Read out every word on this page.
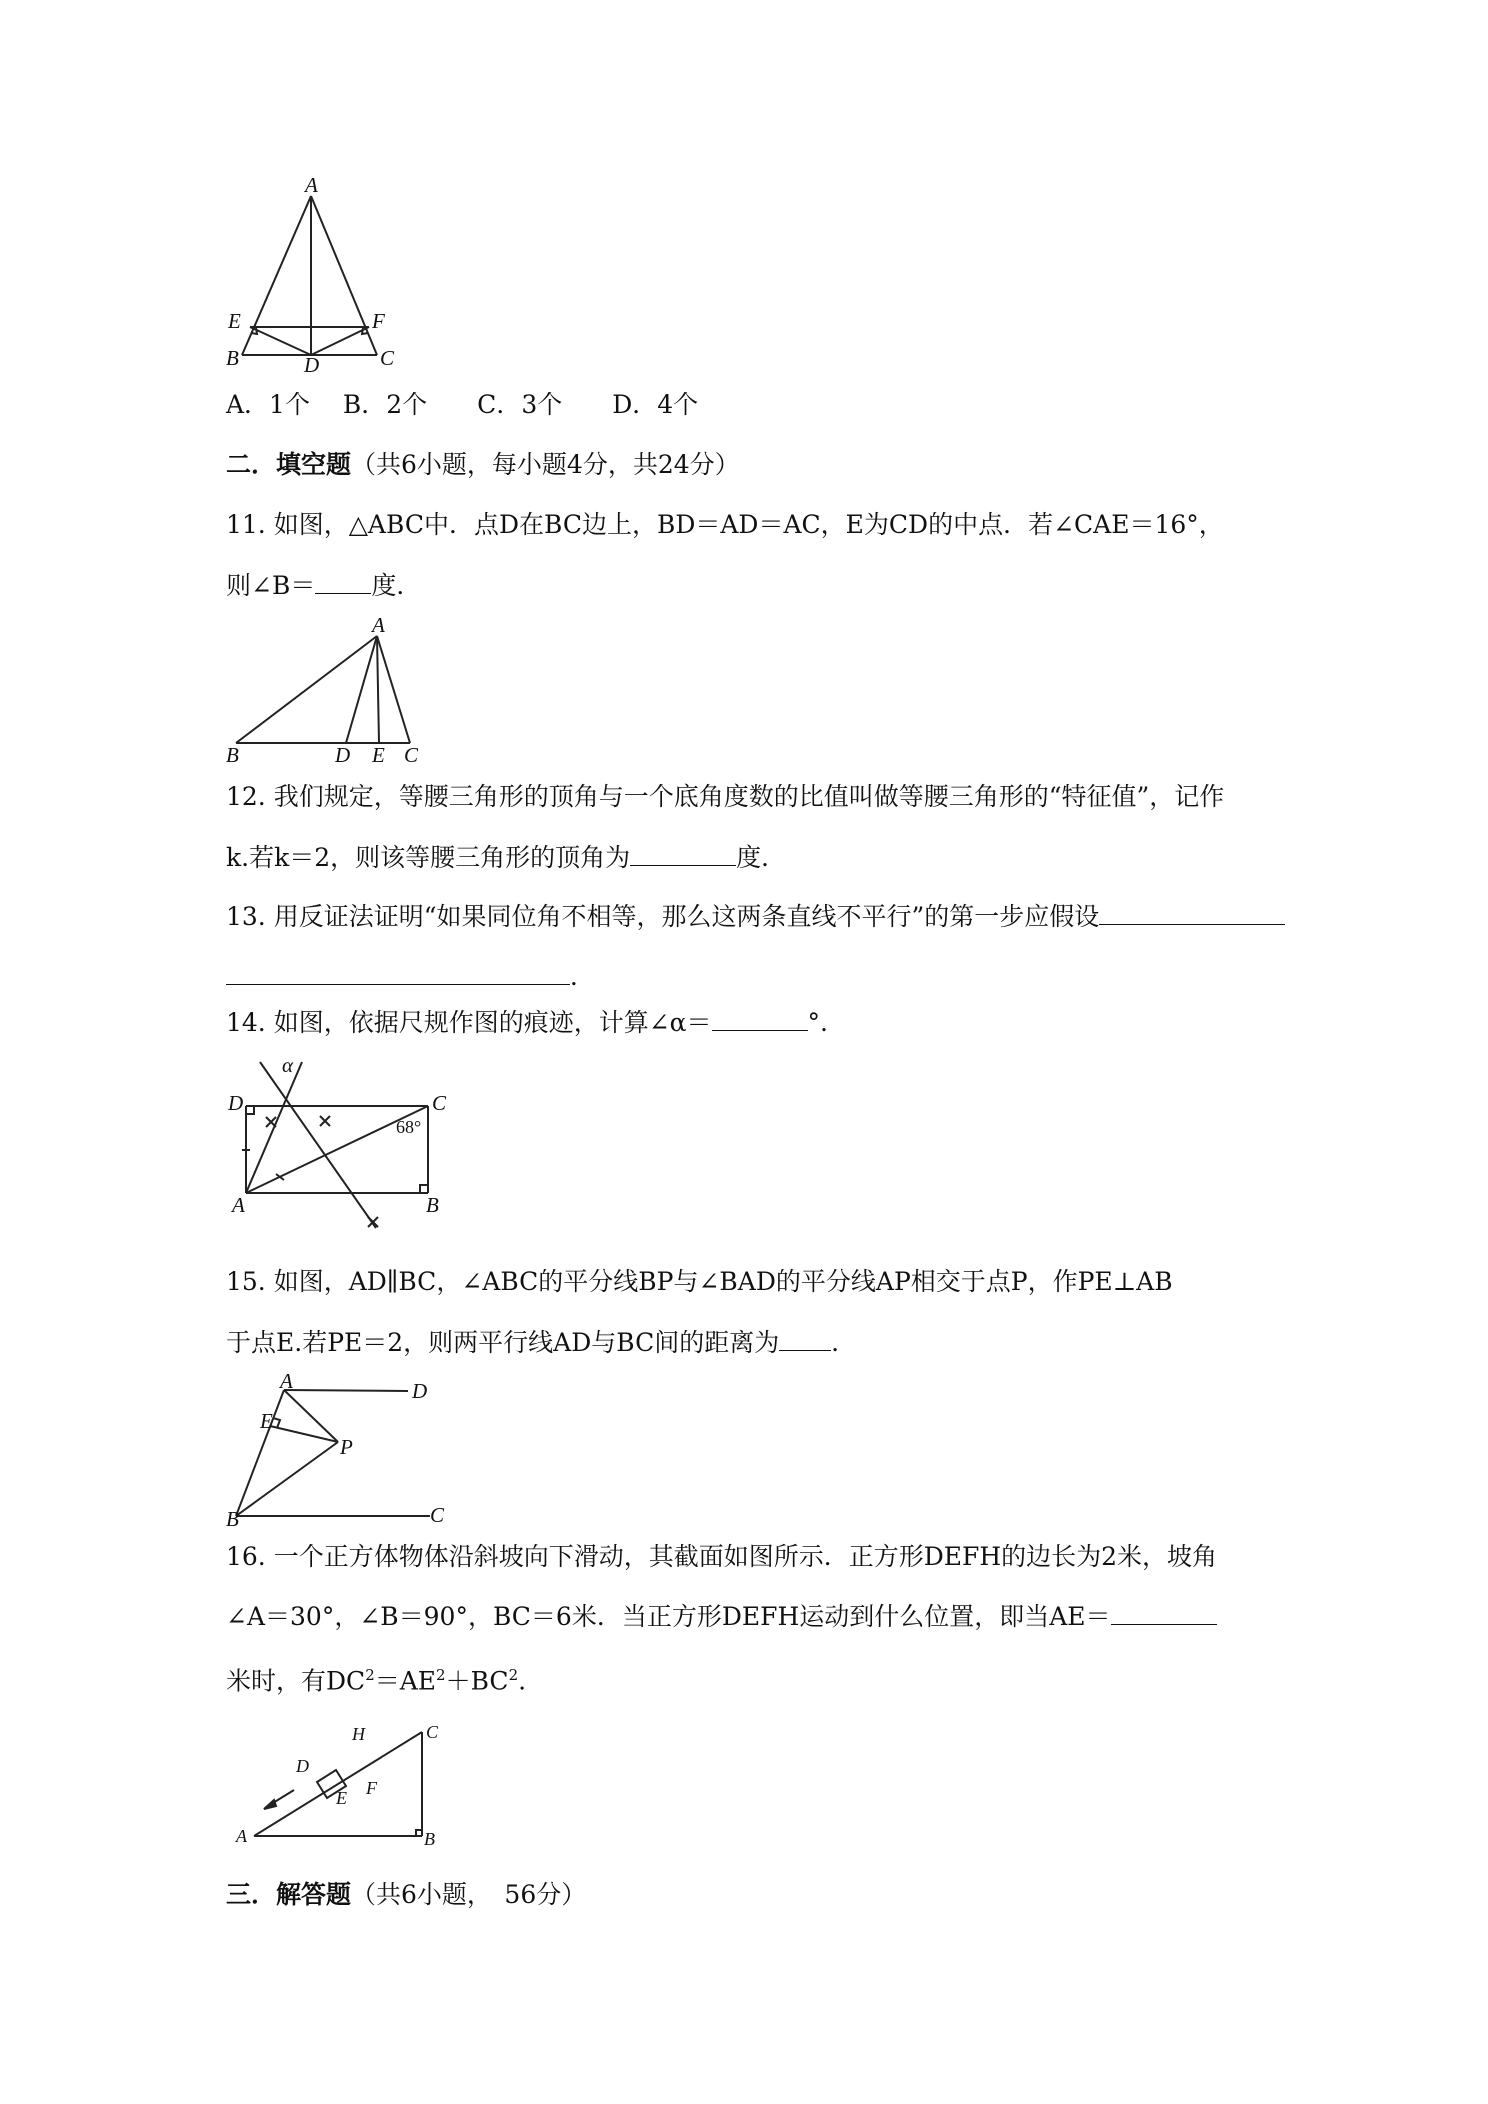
A
E	F
B	D	C
A．1个　 B．2个　　C．3个　　D．4个
二．填空题（共6小题，每小题4分，共24分）
11. 如图，△ABC中．点D在BC边上，BD＝AD＝AC，E为CD的中点．若∠CAE＝16°，
则∠B＝ 度．
A
B	D E C
12. 我们规定，等腰三角形的顶角与一个底角度数的比值叫做等腰三角形的“特征值”，记作
k.若k＝2，则该等腰三角形的顶角为	度．
13. 用反证法证明“如果同位角不相等，那么这两条直线不平行”的第一步应假设
．
14. 如图，依据尺规作图的痕迹，计算∠α＝	°.
α
D	C
68°
A	B
15. 如图，AD∥BC，∠ABC的平分线BP与∠BAD的平分线AP相交于点P，作PE⊥AB
于点E.若PE＝2，则两平行线AD与BC间的距离为 ．
A	D
E
P
B	C
16. 一个正方体物体沿斜坡向下滑动，其截面如图所示．正方形DEFH的边长为2米，坡角
∠A＝30°，∠B＝90°，BC＝6米．当正方形DEFH运动到什么位置，即当AE＝
米时，有$DC^2=AE^2+BC^2$.
H
D
F
E
C
A	B
三．解答题（共6小题，　56分）
